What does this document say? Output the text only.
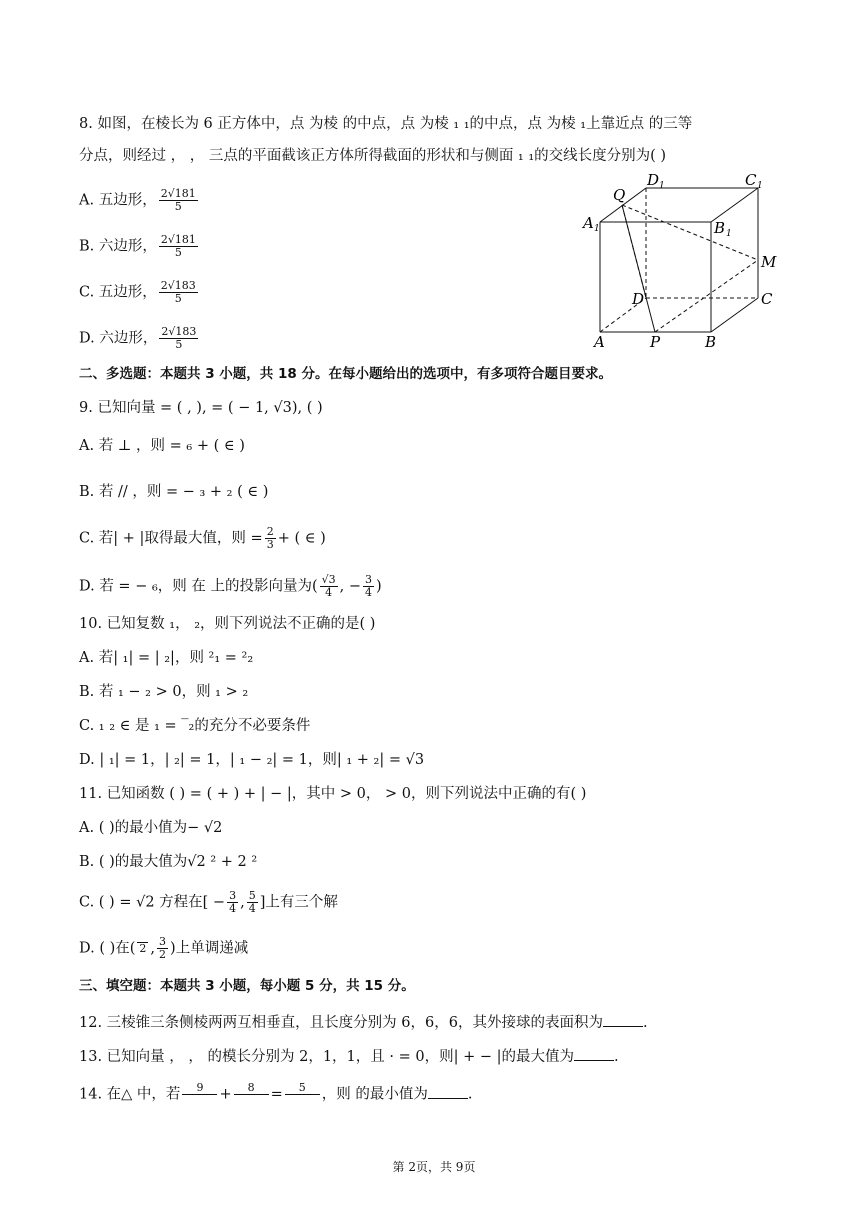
8. 如图，在棱长为 6 正方体中，点 为棱 的中点，点 为棱 ₁ ₁的中点，点 为棱 ₁上靠近点 的三等
分点，则经过 ， ， 三点的平面截该正方体所得截面的形状和与侧面 ₁ ₁的交线长度分别为( )
A. 五边形， $\frac{2√181}{5}$
B. 六边形， $\frac{2√181}{5}$
C. 五边形， $\frac{2√183}{5}$
D. 六边形， $\frac{2√183}{5}$
Q
D 1	C 1
A 1	B 1
M
D	C
A	P	B
二、多选题：本题共 3 小题，共 18 分。在每小题给出的选项中，有多项符合题目要求。
9. 已知向量 = ( , ), = ( − 1, √3), ( )
A. 若 ⊥ ，则 = ₆ + ( ∈ )
B. 若 // ，则 = − ₃ + ₂ ( ∈ )
C. 若| + |取得最大值，则 = $\frac{2}{3}$ + ( ∈ )
D. 若 = − ₆，则 在 上的投影向量为( $\frac{√3}{4}$ , − $\frac{3}{4}$ )
10. 已知复数 ₁， ₂，则下列说法不正确的是( )
A. 若| ₁| = | ₂|，则 ²₁ = ²₂
B. 若 ₁ − ₂ > 0，则 ₁ > ₂
C. ₁ ₂ ∈ 是 ₁ = ‾₂的充分不必要条件
D. | ₁| = 1，| ₂| = 1，| ₁ − ₂| = 1，则| ₁ + ₂| = √3
11. 已知函数 ( ) = ( + ) + | − |，其中 > 0， > 0，则下列说法中正确的有( )
A. ( )的最小值为− √2
B. ( )的最大值为√2 ² + 2 ²
C. ( ) = √2 方程在[ − $\frac{3}{4}$ , $\frac{5}{4}$ ]上有三个解
D. ( )在( 2 , $\frac{3}{2}$ )上单调递减
三、填空题：本题共 3 小题，每小题 5 分，共 15 分。
12. 三棱锥三条侧棱两两互相垂直，且长度分别为 6，6，6，其外接球的表面积为	.
13. 已知向量 ， ， 的模长分别为 2，1，1，且 · = 0，则| + − |的最大值为	.
14. 在△ 中，若	9	+	8	=	5	，则 的最小值为	.
第 2页，共 9页
